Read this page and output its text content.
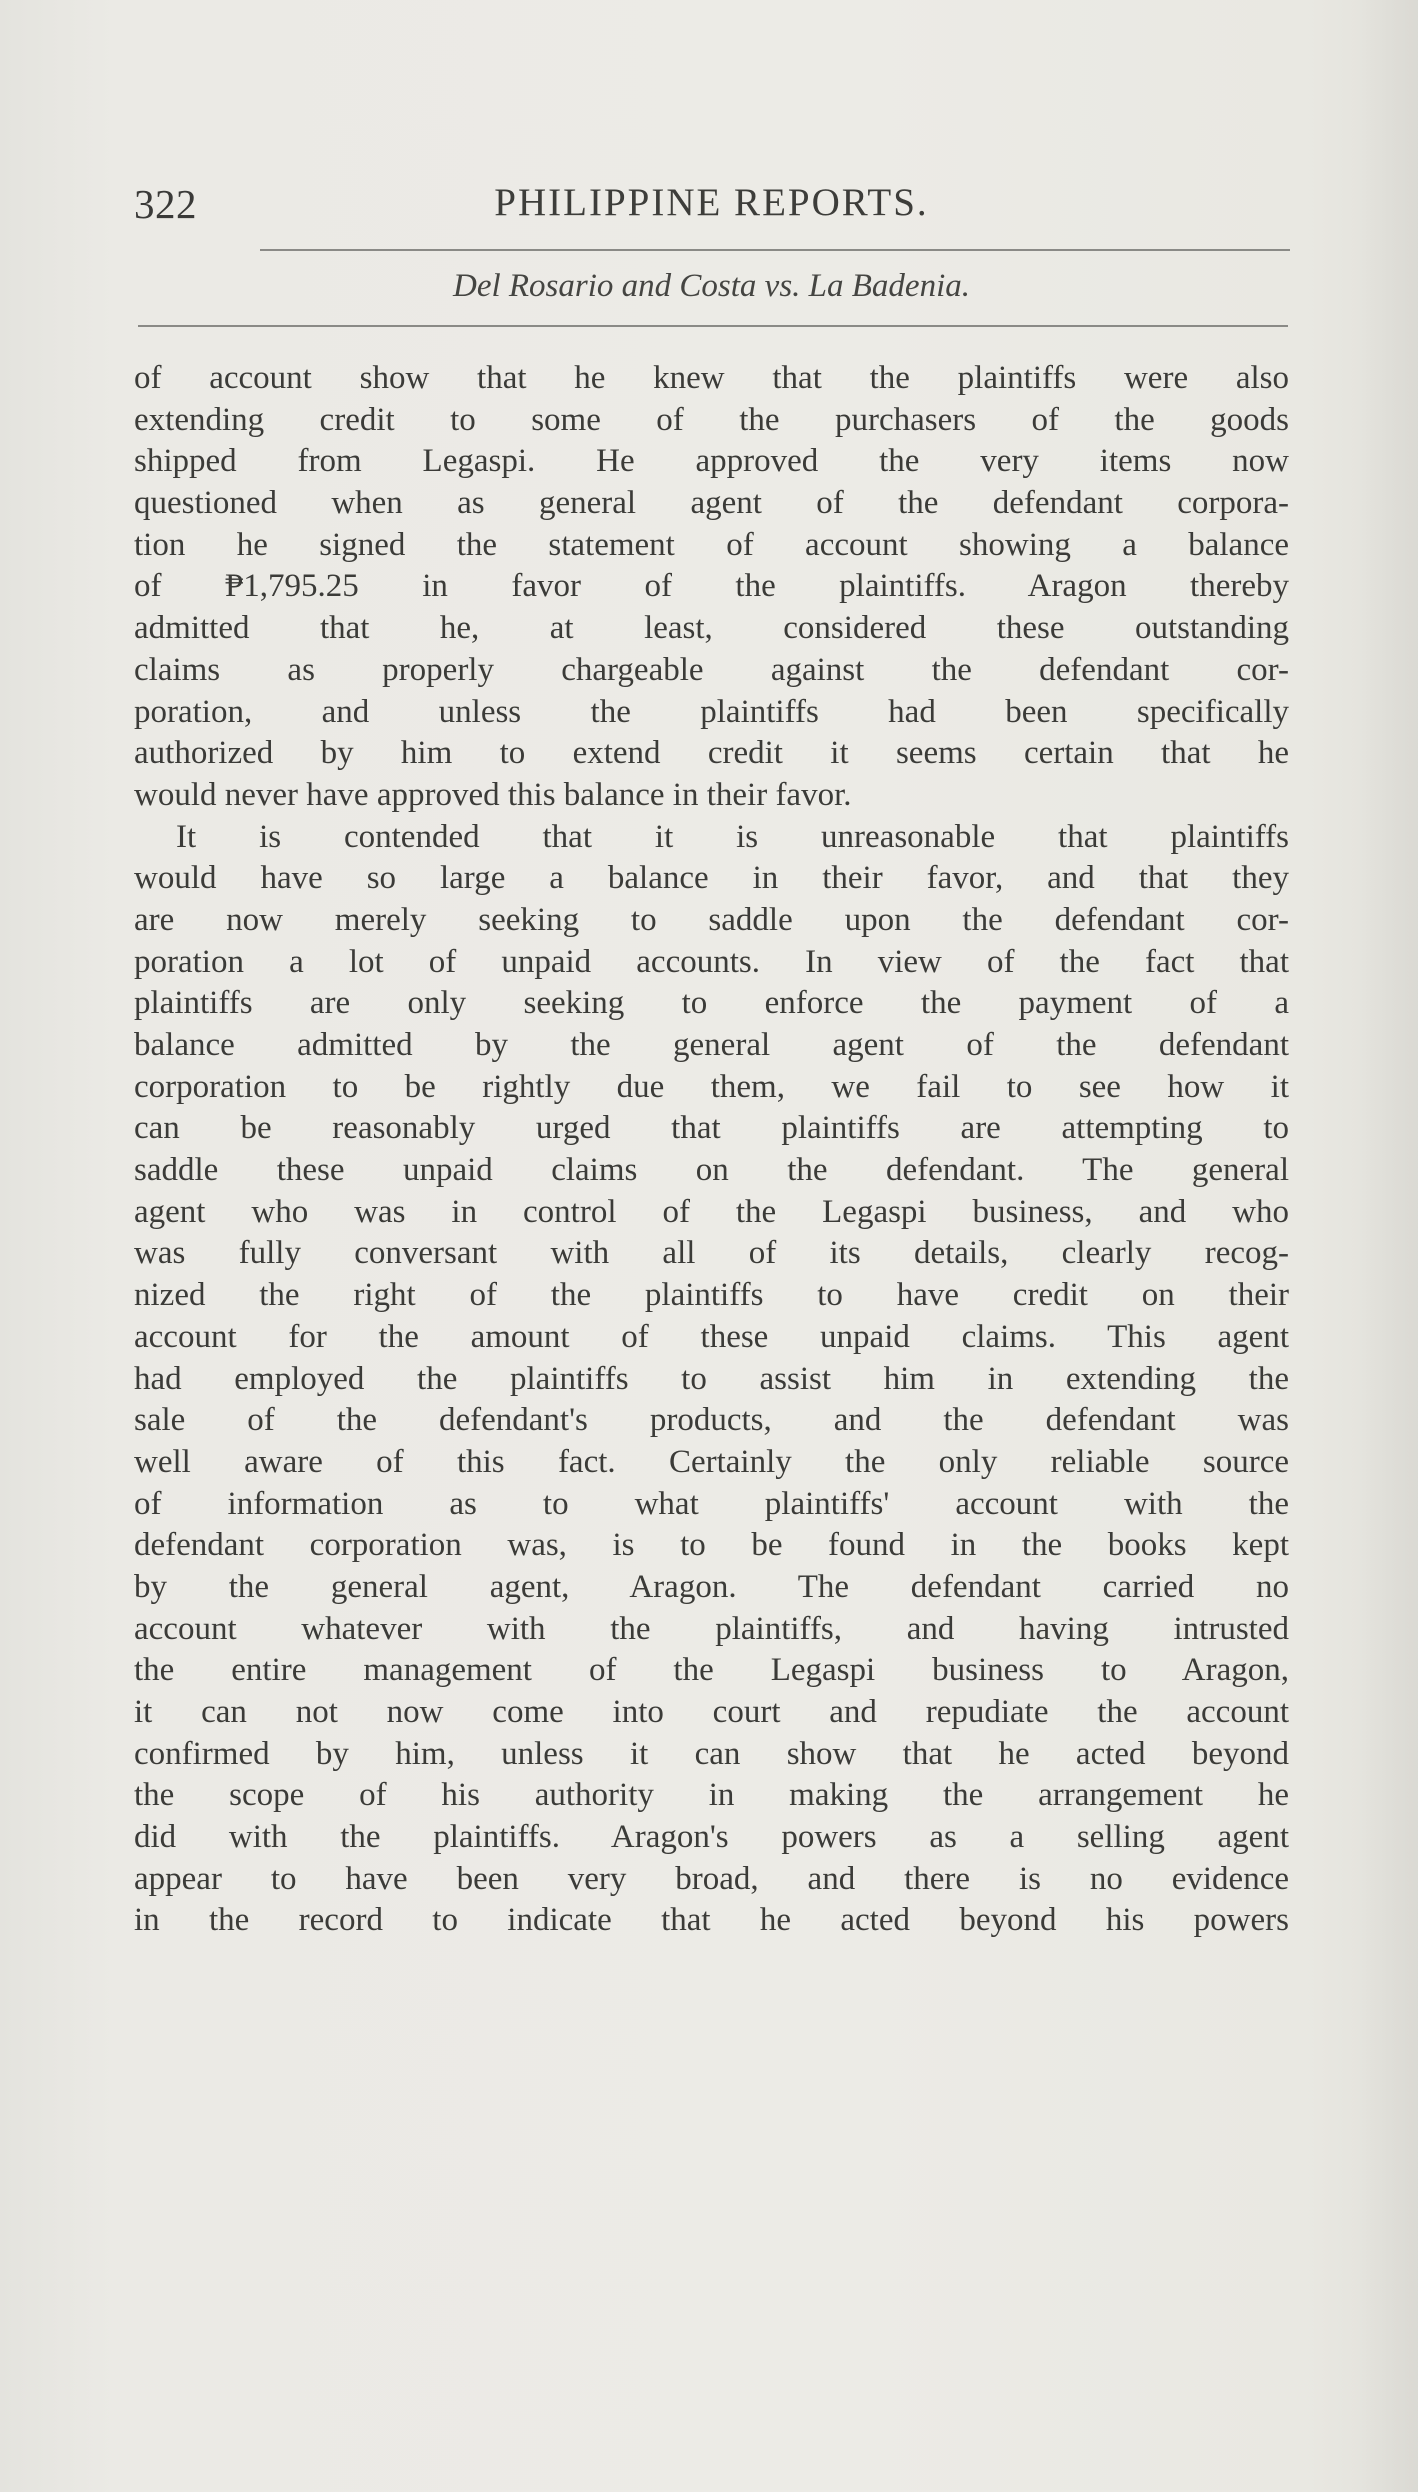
322	PHILIPPINE REPORTS.
Del Rosario and Costa vs. La Badenia.
of account show that he knew that the plaintiffs were also
extending credit to some of the purchasers of the goods
shipped from Legaspi. He approved the very items now
questioned when as general agent of the defendant corpora-
tion he signed the statement of account showing a balance
of ₱1,795.25 in favor of the plaintiffs. Aragon thereby
admitted that he, at least, considered these outstanding
claims as properly chargeable against the defendant cor-
poration, and unless the plaintiffs had been specifically
authorized by him to extend credit it seems certain that he
would never have approved this balance in their favor.
It is contended that it is unreasonable that plaintiffs
would have so large a balance in their favor, and that they
are now merely seeking to saddle upon the defendant cor-
poration a lot of unpaid accounts. In view of the fact that
plaintiffs are only seeking to enforce the payment of a
balance admitted by the general agent of the defendant
corporation to be rightly due them, we fail to see how it
can be reasonably urged that plaintiffs are attempting to
saddle these unpaid claims on the defendant. The general
agent who was in control of the Legaspi business, and who
was fully conversant with all of its details, clearly recog-
nized the right of the plaintiffs to have credit on their
account for the amount of these unpaid claims. This agent
had employed the plaintiffs to assist him in extending the
sale of the defendant's products, and the defendant was
well aware of this fact. Certainly the only reliable source
of information as to what plaintiffs' account with the
defendant corporation was, is to be found in the books kept
by the general agent, Aragon. The defendant carried no
account whatever with the plaintiffs, and having intrusted
the entire management of the Legaspi business to Aragon,
it can not now come into court and repudiate the account
confirmed by him, unless it can show that he acted beyond
the scope of his authority in making the arrangement he
did with the plaintiffs. Aragon's powers as a selling agent
appear to have been very broad, and there is no evidence
in the record to indicate that he acted beyond his powers
